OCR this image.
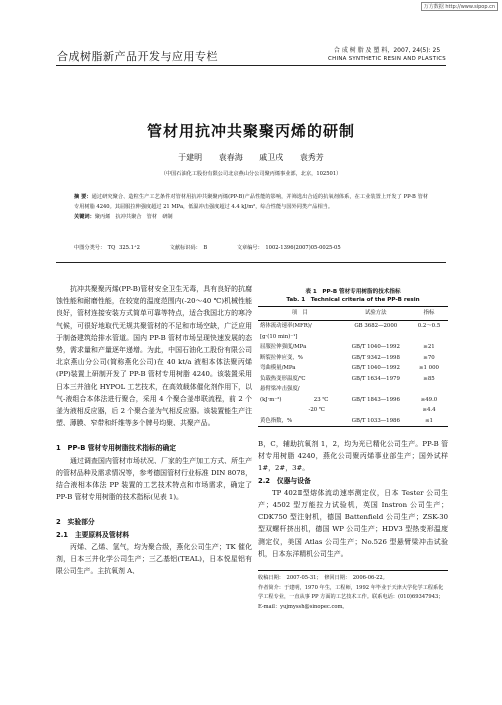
万方数据 http://www.sipop.cn
合成树脂新产品开发与应用专栏	合 成 树 脂 及 塑 料，2007, 24(5): 25
CHINA SYNTHETIC RESIN AND PLASTICS
管材用抗冲共聚聚丙烯的研制
于建明 袁春海 戚卫戌 袁秀芳
（中国石油化工股份有限公司北京燕山分公司聚丙烯事业部，北京，102501）
摘 要：通过研究聚合、造粒生产工艺条件对管材用抗冲共聚聚丙烯(PP-B)产品性能的影响，并筛选出合适的抗氧剂体系，在工业装置上开发了 PP-B 管材专用树脂 4240。其屈服拉伸强度超过 21 MPa，低温冲击强度超过 4.4 kJ/m²，综合性能与国外同类产品相当。
关键词：聚丙烯　抗冲共聚合　管材　研制
中图分类号：　TQ 325.1⁺2	文献标识码：　B	文章编号：　1002-1396(2007)05-0025-05

抗冲共聚聚丙烯(PP-B)管材安全卫生无毒，具有良好的抗腐蚀性能和耐磨性能，在较宽的温度范围内(-20～40 ℃)机械性能良好，管材连接安装方式简单可靠等特点，适合我国北方的寒冷气候，可很好地取代无规共聚管材的不足和市场空缺，广泛应用于制备建筑给排水管道。国内 PP-B 管材市场呈现快速发展的态势，需求量和产量逐年递增。为此，中国石油化工股份有限公司北京燕山分公司(简称燕化公司)在 40 kt/a 液相本体法聚丙烯(PP)装置上研制开发了 PP-B 管材专用树脂 4240。该装置采用日本三井油化 HYPOL 工艺技术，在高效载体催化剂作用下，以气-液组合本体法进行聚合，采用 4 个聚合釜串联流程，前 2 个釜为液相反应器，后 2 个聚合釜为气相反应器。该装置能生产注塑、薄膜、窄带和纤维等多个牌号均聚、共聚产品。

1　PP-B 管材专用树脂技术指标的确定

通过调查国内管材市场状况、厂家的生产加工方式、所生产的管材品种及需求情况等，参考德国管材行业标准 DIN 8078，结合液相本体法 PP 装置的工艺技术特点和市场需求，确定了 PP-B 管材专用树脂的技术指标(见表 1)。

2　实验部分
2.1　主要原料及管材料

丙烯、乙烯、氢气，均为聚合级，燕化公司生产；TK 催化剂，日本三井化学公司生产；三乙基铝(TEAL)，日本悦星铝有限公司生产。主抗氧剂 A、

表 1　PP-B 管材专用树脂的技术指标
Tab. 1　Technical criteria of the PP-B resin
项　目	试验方法	指标
熔体流动速率(MFR)/	GB 3682—2000	0.2～0.5
[g·(10 min)⁻¹]		
屈服拉伸强度/MPa	GB/T 1040—1992	≥21
断裂拉伸应变，%	GB/T 9342—1998	≥70
弯曲模量/MPa	GB/T 1040—1992	≥1 000
负载热变形温度/℃	GB/T 1634—1979	≥85
悬臂梁冲击强度/		
(kJ·m⁻²)　　　　　　23 ℃	GB/T 1843—1996	≥49.0
　　　　　　　　　-20 ℃		≥4.4
黄色指数，%	GB/T 1033—1986	≤1

B，C，辅助抗氧剂 1，2，均为光已精化公司生产。PP-B 管材专用树脂 4240，燕化公司聚丙烯事业部生产；国外试样 1#，2#，3#。

2.2　仪器与设备

TP 402Ⅱ型熔体流动速率测定仪，日本 Tester 公司生产；4502 型万能拉力试验机，英国 Instron 公司生产；CDK750 型注射机，德国 Battenfield 公司生产；ZSK-30 型双螺杆挤出机，德国 WP 公司生产；HDV3 型热变形温度测定仪，美国 Atlas 公司生产；No.526 型悬臂梁冲击试验机，日本东洋精机公司生产。

收稿日期：　2007-05-31；　修回日期：　2006-06-22。
作者简介：于建明，1970 年生，工程师，1992 年毕业于天津大学化学工程系化学工程专业，一直从事 PP 方面的工艺技术工作。联系电话：(010)69347943；E-mail：yujmyssh@sinopec.com。
